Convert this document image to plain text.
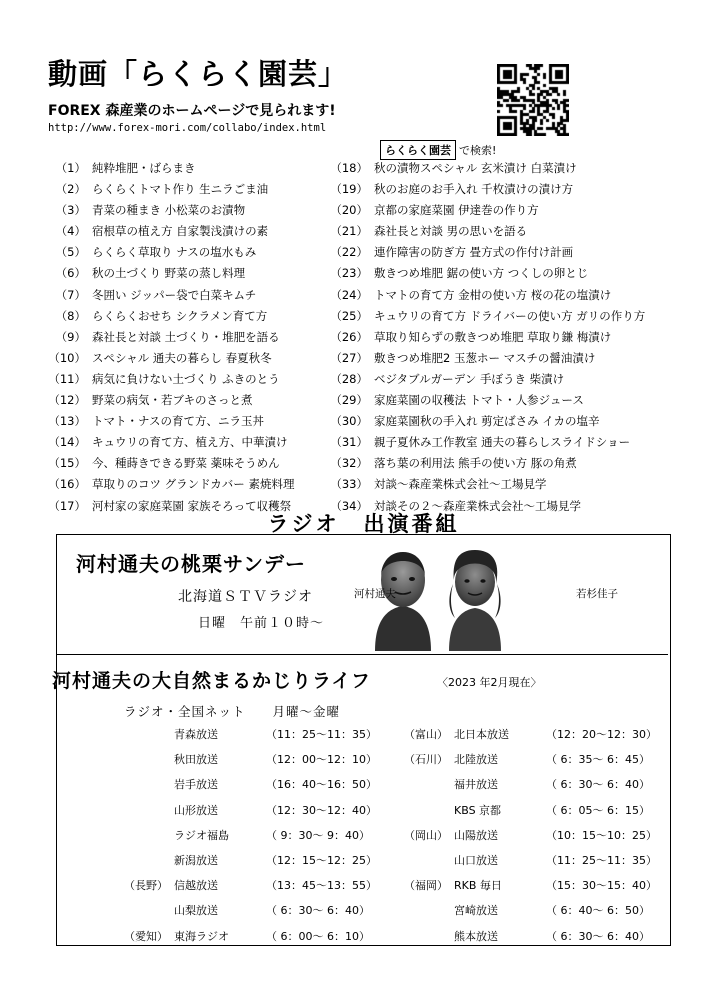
動画「らくらく園芸」
FOREX 森産業のホームページで見られます!
http://www.forex-mori.com/collabo/index.html
らくらく園芸 で検索!
（1） 純粋堆肥・ばらまき
（2） らくらくトマト作り 生ニラごま油
（3） 青菜の種まき 小松菜のお漬物
（4） 宿根草の植え方 自家製浅漬けの素
（5） らくらく草取り ナスの塩水もみ
（6） 秋の土づくり 野菜の蒸し料理
（7） 冬囲い ジッパー袋で白菜キムチ
（8） らくらくおせち シクラメン育て方
（9） 森社長と対談 土づくり・堆肥を語る
（10） スペシャル 通夫の暮らし 春夏秋冬
（11） 病気に負けない土づくり ふきのとう
（12） 野菜の病気・若ブキのさっと煮
（13） トマト・ナスの育て方、ニラ玉丼
（14） キュウリの育て方、植え方、中華漬け
（15） 今、種蒔きできる野菜 薬味そうめん
（16） 草取りのコツ グランドカバー 素焼料理
（17） 河村家の家庭菜園 家族そろって収穫祭
（18） 秋の漬物スペシャル 玄米漬け 白菜漬け
（19） 秋のお庭のお手入れ 千枚漬けの漬け方
（20） 京都の家庭菜園 伊達巻の作り方
（21） 森社長と対談 男の思いを語る
（22） 連作障害の防ぎ方 畳方式の作付け計画
（23） 敷きつめ堆肥 鋸の使い方 つくしの卵とじ
（24） トマトの育て方 金柑の使い方 桜の花の塩漬け
（25） キュウリの育て方 ドライバーの使い方 ガリの作り方
（26） 草取り知らずの敷きつめ堆肥 草取り鎌 梅漬け
（27） 敷きつめ堆肥2 玉葱ホー マスチの醤油漬け
（28） ベジタブルガーデン 手ぼうき 柴漬け
（29） 家庭菜園の収穫法 トマト・人参ジュース
（30） 家庭菜園秋の手入れ 剪定ばさみ イカの塩辛
（31） 親子夏休み工作教室 通夫の暮らしスライドショー
（32） 落ち葉の利用法 熊手の使い方 豚の角煮
（33） 対談～森産業株式会社～工場見学
（34） 対談その２～森産業株式会社～工場見学
ラジオ　出演番組
河村通夫の桃栗サンデー
北海道ＳＴＶラジオ
日曜　午前１０時～
河村通夫	若杉佳子
河村通夫の大自然まるかじりライフ	〈2023 年2月現在〉
ラジオ・全国ネット　　月曜～金曜
青森放送	（11：25～11：35）
秋田放送	（12：00～12：10）
岩手放送	（16：40～16：50）
山形放送	（12：30～12：40）
ラジオ福島	（ 9：30～ 9：40）
新潟放送	（12：15～12：25）
（長野） 信越放送	（13：45～13：55）
山梨放送	（ 6：30～ 6：40）
（愛知） 東海ラジオ	（ 6：00～ 6：10）
（富山） 北日本放送	（12：20～12：30）
（石川） 北陸放送	（ 6：35～ 6：45）
福井放送	（ 6：30～ 6：40）
KBS 京都	（ 6：05～ 6：15）
（岡山） 山陽放送	（10：15～10：25）
山口放送	（11：25～11：35）
（福岡） RKB 毎日	（15：30～15：40）
宮崎放送	（ 6：40～ 6：50）
熊本放送	（ 6：30～ 6：40）
